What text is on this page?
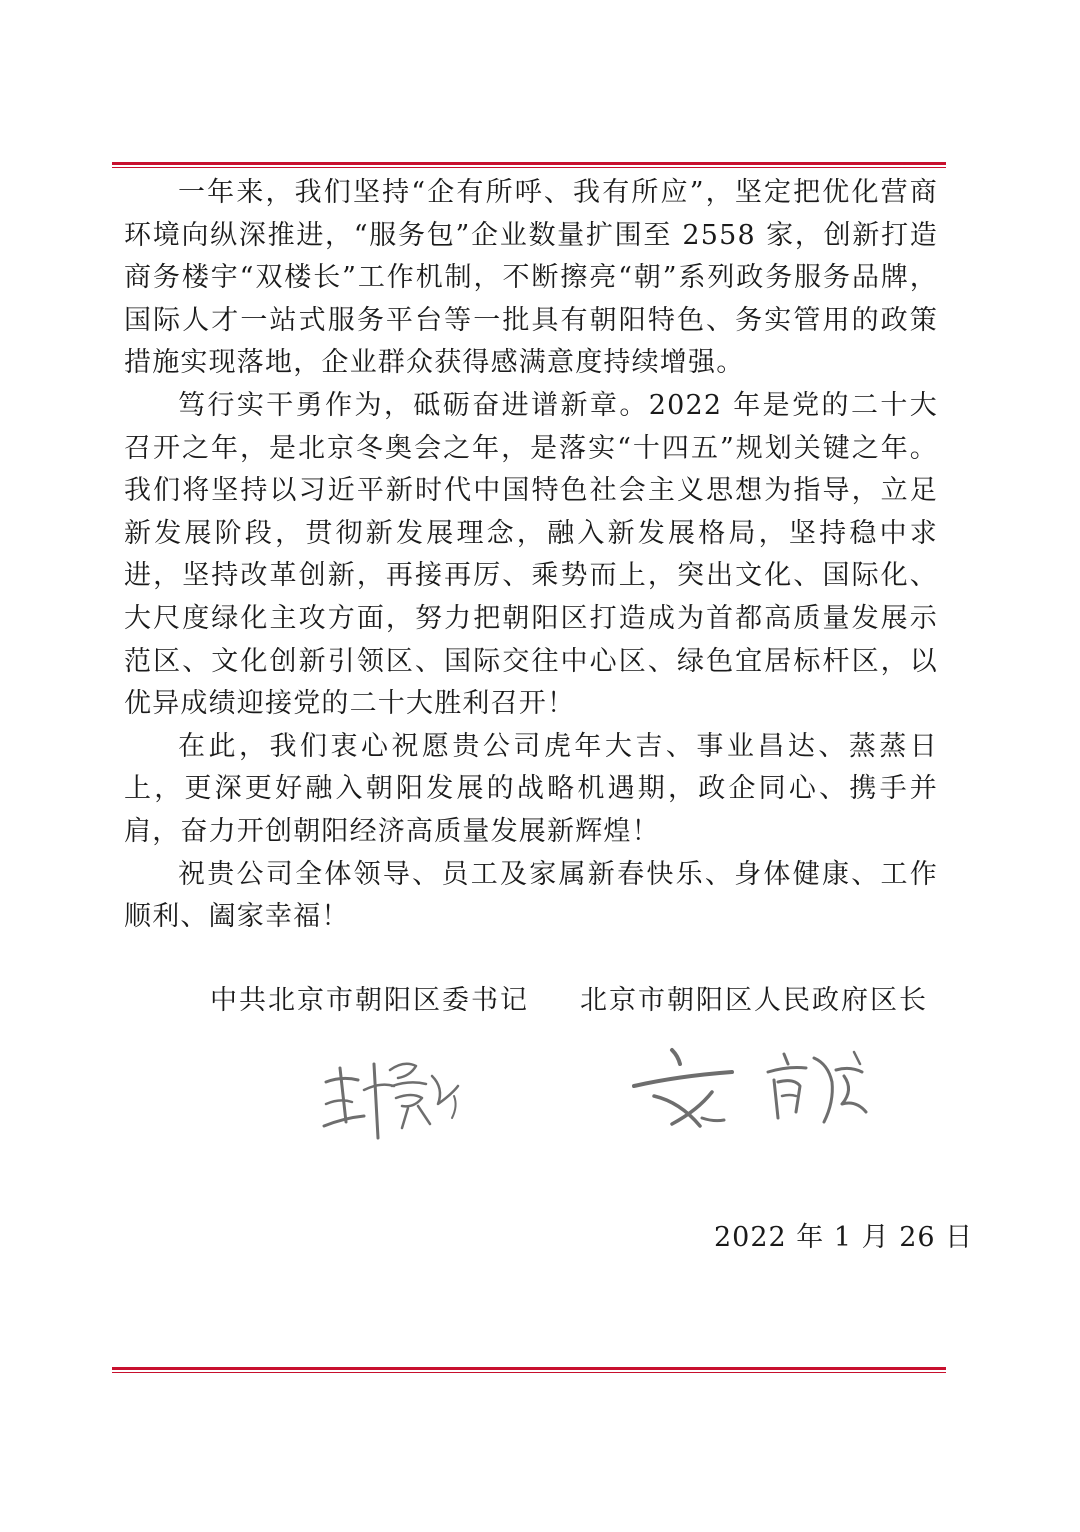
一年来，我们坚持“企有所呼、我有所应”，坚定把优化营商环境向纵深推进，“服务包”企业数量扩围至 2558 家，创新打造商务楼宇“双楼长”工作机制，不断擦亮“朝”系列政务服务品牌，国际人才一站式服务平台等一批具有朝阳特色、务实管用的政策措施实现落地，企业群众获得感满意度持续增强。

笃行实干勇作为，砥砺奋进谱新章。2022 年是党的二十大召开之年，是北京冬奥会之年，是落实“十四五”规划关键之年。我们将坚持以习近平新时代中国特色社会主义思想为指导，立足新发展阶段，贯彻新发展理念，融入新发展格局，坚持稳中求进，坚持改革创新，再接再厉、乘势而上，突出文化、国际化、大尺度绿化主攻方面，努力把朝阳区打造成为首都高质量发展示范区、文化创新引领区、国际交往中心区、绿色宜居标杆区，以优异成绩迎接党的二十大胜利召开！

在此，我们衷心祝愿贵公司虎年大吉、事业昌达、蒸蒸日上，更深更好融入朝阳发展的战略机遇期，政企同心、携手并肩，奋力开创朝阳经济高质量发展新辉煌！

祝贵公司全体领导、员工及家属新春快乐、身体健康、工作顺利、阖家幸福！

中共北京市朝阳区委书记 北京市朝阳区人民政府区长
2022 年 1 月 26 日
